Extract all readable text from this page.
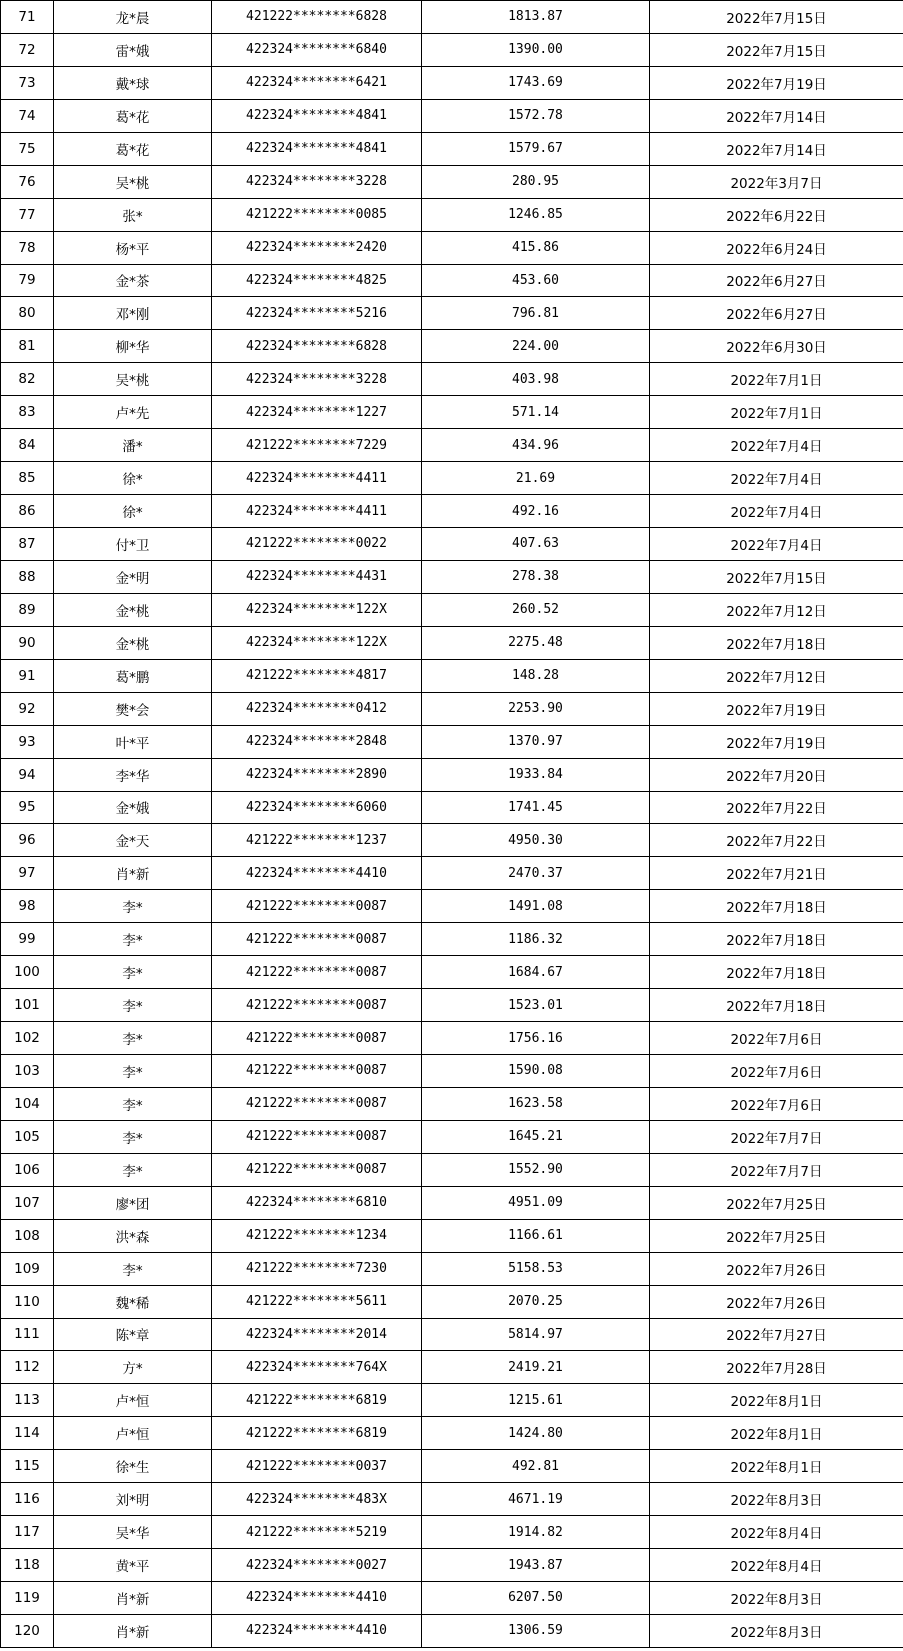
71	龙*晨	421222********6828	1813.87	2022年7月15日
72	雷*娥	422324********6840	1390.00	2022年7月15日
73	戴*球	422324********6421	1743.69	2022年7月19日
74	葛*花	422324********4841	1572.78	2022年7月14日
75	葛*花	422324********4841	1579.67	2022年7月14日
76	吴*桃	422324********3228	280.95	2022年3月7日
77	张*	421222********0085	1246.85	2022年6月22日
78	杨*平	422324********2420	415.86	2022年6月24日
79	金*茶	422324********4825	453.60	2022年6月27日
80	邓*刚	422324********5216	796.81	2022年6月27日
81	柳*华	422324********6828	224.00	2022年6月30日
82	吴*桃	422324********3228	403.98	2022年7月1日
83	卢*先	422324********1227	571.14	2022年7月1日
84	潘*	421222********7229	434.96	2022年7月4日
85	徐*	422324********4411	21.69	2022年7月4日
86	徐*	422324********4411	492.16	2022年7月4日
87	付*卫	421222********0022	407.63	2022年7月4日
88	金*明	422324********4431	278.38	2022年7月15日
89	金*桃	422324********122X	260.52	2022年7月12日
90	金*桃	422324********122X	2275.48	2022年7月18日
91	葛*鹏	421222********4817	148.28	2022年7月12日
92	樊*会	422324********0412	2253.90	2022年7月19日
93	叶*平	422324********2848	1370.97	2022年7月19日
94	李*华	422324********2890	1933.84	2022年7月20日
95	金*娥	422324********6060	1741.45	2022年7月22日
96	金*天	421222********1237	4950.30	2022年7月22日
97	肖*新	422324********4410	2470.37	2022年7月21日
98	李*	421222********0087	1491.08	2022年7月18日
99	李*	421222********0087	1186.32	2022年7月18日
100	李*	421222********0087	1684.67	2022年7月18日
101	李*	421222********0087	1523.01	2022年7月18日
102	李*	421222********0087	1756.16	2022年7月6日
103	李*	421222********0087	1590.08	2022年7月6日
104	李*	421222********0087	1623.58	2022年7月6日
105	李*	421222********0087	1645.21	2022年7月7日
106	李*	421222********0087	1552.90	2022年7月7日
107	廖*团	422324********6810	4951.09	2022年7月25日
108	洪*森	421222********1234	1166.61	2022年7月25日
109	李*	421222********7230	5158.53	2022年7月26日
110	魏*稀	421222********5611	2070.25	2022年7月26日
111	陈*章	422324********2014	5814.97	2022年7月27日
112	方*	422324********764X	2419.21	2022年7月28日
113	卢*恒	421222********6819	1215.61	2022年8月1日
114	卢*恒	421222********6819	1424.80	2022年8月1日
115	徐*生	421222********0037	492.81	2022年8月1日
116	刘*明	422324********483X	4671.19	2022年8月3日
117	吴*华	421222********5219	1914.82	2022年8月4日
118	黄*平	422324********0027	1943.87	2022年8月4日
119	肖*新	422324********4410	6207.50	2022年8月3日
120	肖*新	422324********4410	1306.59	2022年8月3日
